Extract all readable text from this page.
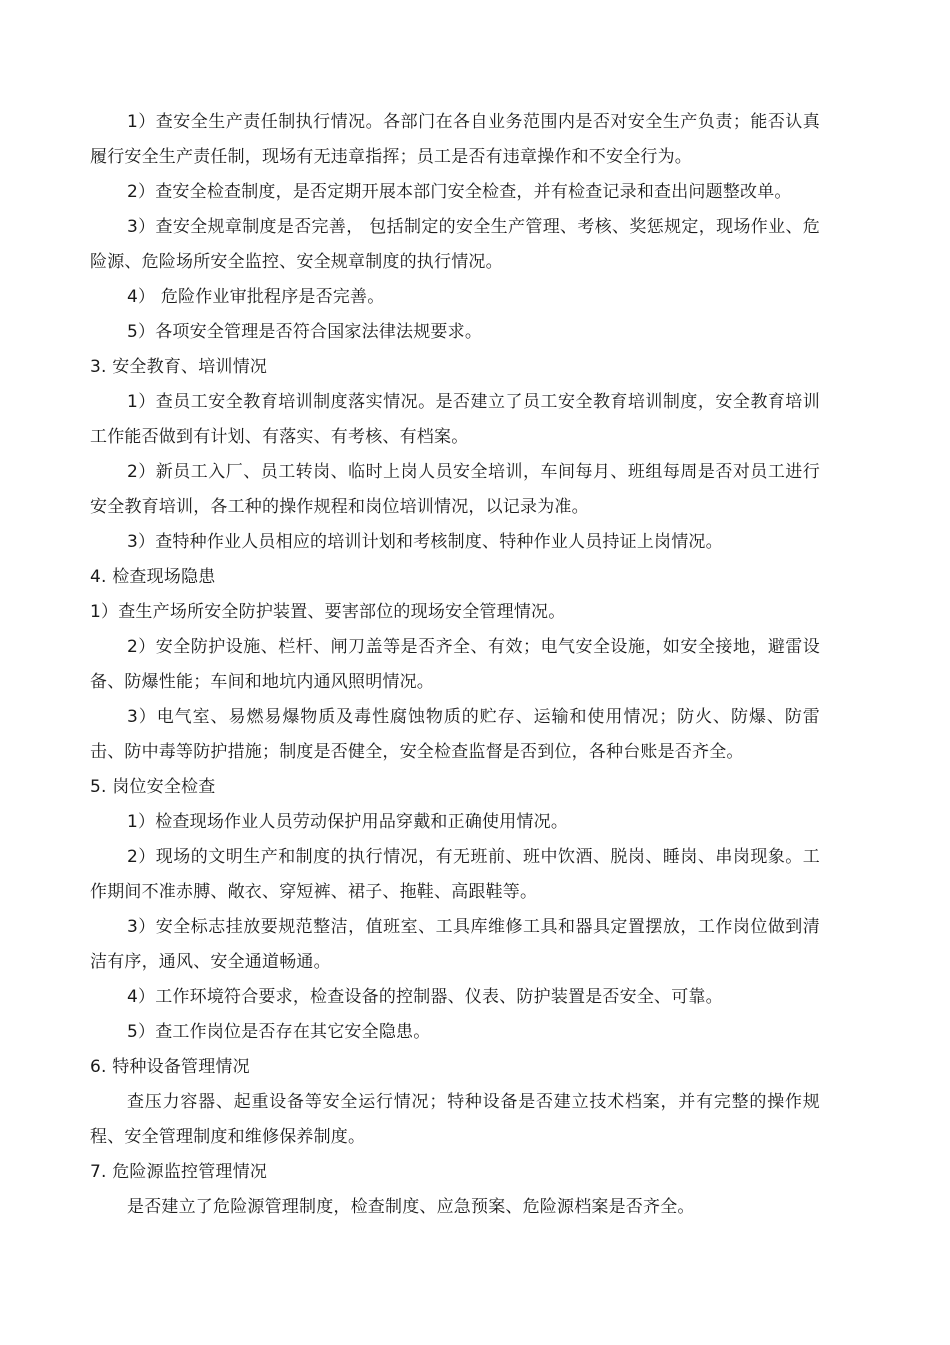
1）查安全生产责任制执行情况。各部门在各自业务范围内是否对安全生产负责；能否认真履行安全生产责任制，现场有无违章指挥；员工是否有违章操作和不安全行为。

2）查安全检查制度，是否定期开展本部门安全检查，并有检查记录和查出问题整改单。

3）查安全规章制度是否完善， 包括制定的安全生产管理、考核、奖惩规定，现场作业、危险源、危险场所安全监控、安全规章制度的执行情况。

4） 危险作业审批程序是否完善。

5）各项安全管理是否符合国家法律法规要求。

3. 安全教育、培训情况

1）查员工安全教育培训制度落实情况。是否建立了员工安全教育培训制度，安全教育培训工作能否做到有计划、有落实、有考核、有档案。

2）新员工入厂、员工转岗、临时上岗人员安全培训，车间每月、班组每周是否对员工进行安全教育培训，各工种的操作规程和岗位培训情况，以记录为准。

3）查特种作业人员相应的培训计划和考核制度、特种作业人员持证上岗情况。

4. 检查现场隐患

1）查生产场所安全防护装置、要害部位的现场安全管理情况。

2）安全防护设施、栏杆、闸刀盖等是否齐全、有效；电气安全设施，如安全接地，避雷设备、防爆性能；车间和地坑内通风照明情况。

3）电气室、易燃易爆物质及毒性腐蚀物质的贮存、运输和使用情况；防火、防爆、防雷击、防中毒等防护措施；制度是否健全，安全检查监督是否到位，各种台账是否齐全。

5. 岗位安全检查

1）检查现场作业人员劳动保护用品穿戴和正确使用情况。

2）现场的文明生产和制度的执行情况，有无班前、班中饮酒、脱岗、睡岗、串岗现象。工作期间不准赤膊、敞衣、穿短裤、裙子、拖鞋、高跟鞋等。

3）安全标志挂放要规范整洁，值班室、工具库维修工具和器具定置摆放，工作岗位做到清洁有序，通风、安全通道畅通。

4）工作环境符合要求，检查设备的控制器、仪表、防护装置是否安全、可靠。

5）查工作岗位是否存在其它安全隐患。

6. 特种设备管理情况

查压力容器、起重设备等安全运行情况；特种设备是否建立技术档案，并有完整的操作规程、安全管理制度和维修保养制度。

7. 危险源监控管理情况

是否建立了危险源管理制度，检查制度、应急预案、危险源档案是否齐全。
